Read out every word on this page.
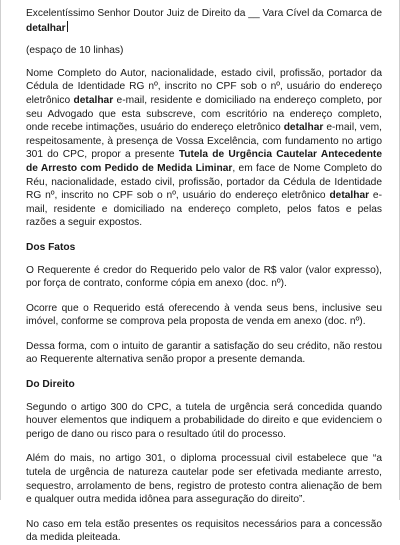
Excelentíssimo Senhor Doutor Juiz de Direito da __ Vara Cível da Comarca de

detalhar

(espaço de 10 linhas)

Nome Completo do Autor, nacionalidade, estado civil, profissão, portador da Cédula de Identidade RG nº, inscrito no CPF sob o nº, usuário do endereço eletrônico detalhar e-mail, residente e domiciliado na endereço completo, por seu Advogado que esta subscreve, com escritório na endereço completo, onde recebe intimações, usuário do endereço eletrônico detalhar e-mail, vem, respeitosamente, à presença de Vossa Excelência, com fundamento no artigo 301 do CPC, propor a presente Tutela de Urgência Cautelar Antecedente de Arresto com Pedido de Medida Liminar, em face de Nome Completo do Réu, nacionalidade, estado civil, profissão, portador da Cédula de Identidade RG nº, inscrito no CPF sob o nº, usuário do endereço eletrônico detalhar e-mail, residente e domiciliado na endereço completo, pelos fatos e pelas razões a seguir expostos.

Dos Fatos

O Requerente é credor do Requerido pelo valor de R$ valor (valor expresso), por força de contrato, conforme cópia em anexo (doc. nº).

Ocorre que o Requerido está oferecendo à venda seus bens, inclusive seu imóvel, conforme se comprova pela proposta de venda em anexo (doc. nº).

Dessa forma, com o intuito de garantir a satisfação do seu crédito, não restou ao Requerente alternativa senão propor a presente demanda.

Do Direito

Segundo o artigo 300 do CPC, a tutela de urgência será concedida quando houver elementos que indiquem a probabilidade do direito e que evidenciem o perigo de dano ou risco para o resultado útil do processo.

Além do mais, no artigo 301, o diploma processual civil estabelece que “a tutela de urgência de natureza cautelar pode ser efetivada mediante arresto, sequestro, arrolamento de bens, registro de protesto contra alienação de bem e qualquer outra medida idônea para asseguração do direito”.

No caso em tela estão presentes os requisitos necessários para a concessão da medida pleiteada.
